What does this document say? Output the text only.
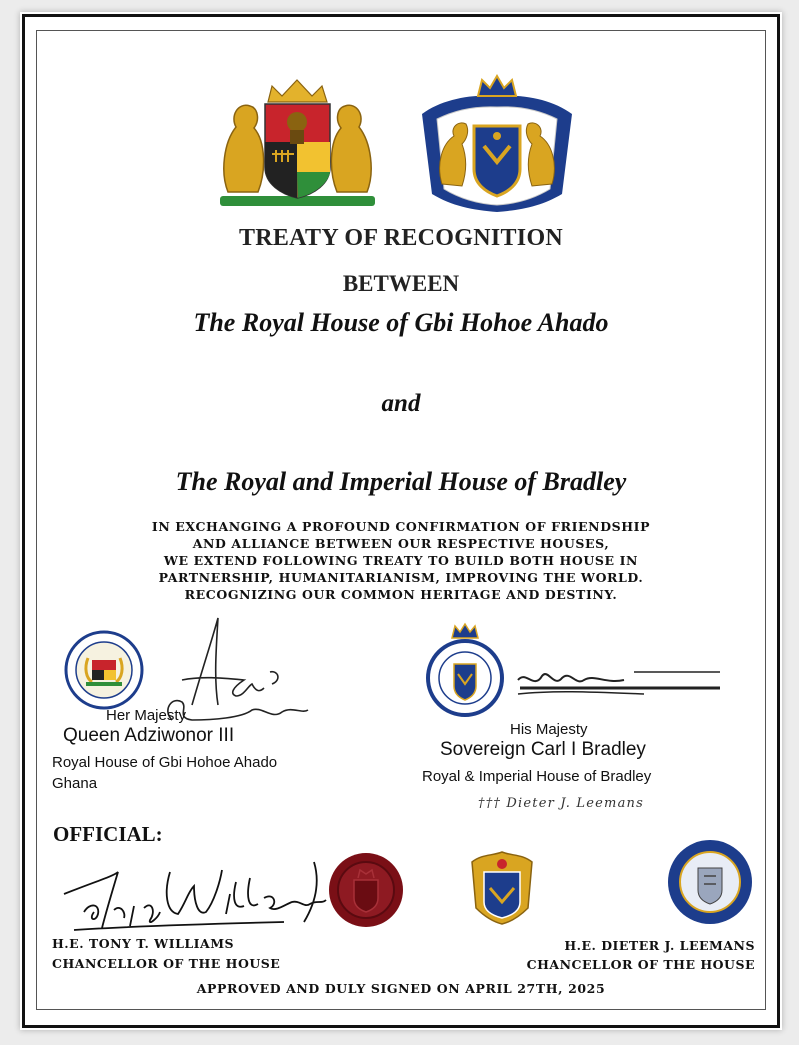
TREATY OF RECOGNITION
BETWEEN
The Royal House of Gbi Hohoe Ahado
and
The Royal and Imperial House of Bradley
IN EXCHANGING A PROFOUND CONFIRMATION OF FRIENDSHIP
AND ALLIANCE BETWEEN OUR RESPECTIVE HOUSES,
WE EXTEND FOLLOWING TREATY TO BUILD BOTH HOUSE IN
PARTNERSHIP, HUMANITARIANISM, IMPROVING THE WORLD.
RECOGNIZING OUR COMMON HERITAGE AND DESTINY.
Her Majesty
Queen Adziwonor III
Royal House of Gbi Hohoe Ahado
Ghana
His Majesty
Sovereign Carl I Bradley
Royal & Imperial House of Bradley
††† Dieter J. Leemans
OFFICIAL:
H.E. TONY T. WILLIAMS
CHANCELLOR OF THE HOUSE
H.E. DIETER J. LEEMANS
CHANCELLOR OF THE HOUSE
APPROVED AND DULY SIGNED ON APRIL 27TH, 2025
